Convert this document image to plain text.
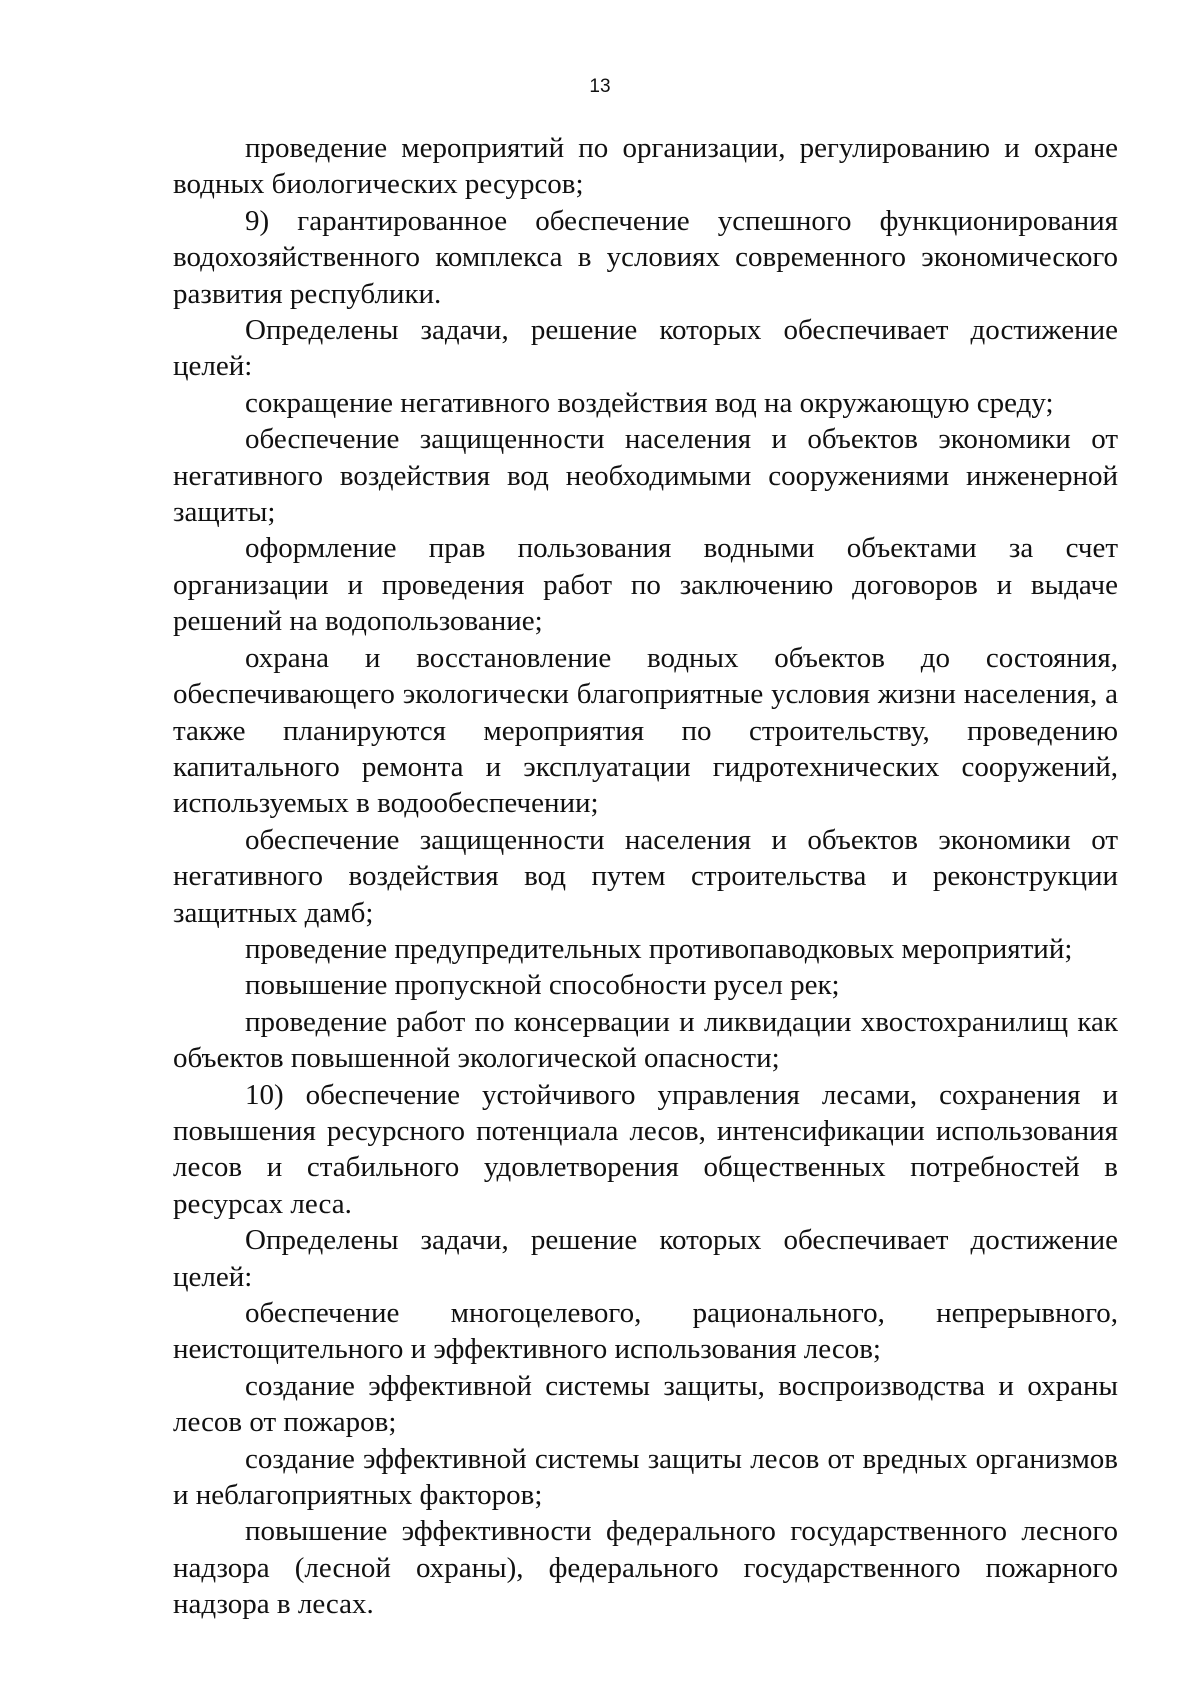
13

проведение мероприятий по организации, регулированию и охране водных биологических ресурсов;

9) гарантированное обеспечение успешного функционирования водохозяйственного комплекса в условиях современного экономического развития республики.

Определены задачи, решение которых обеспечивает достижение целей:

сокращение негативного воздействия вод на окружающую среду;

обеспечение защищенности населения и объектов экономики от негативного воздействия вод необходимыми сооружениями инженерной защиты;

оформление прав пользования водными объектами за счет организации и проведения работ по заключению договоров и выдаче решений на водопользование;

охрана и восстановление водных объектов до состояния, обеспечивающего экологически благоприятные условия жизни населения, а также планируются мероприятия по строительству, проведению капитального ремонта и эксплуатации гидротехнических сооружений, используемых в водообеспечении;

обеспечение защищенности населения и объектов экономики от негативного воздействия вод путем строительства и реконструкции защитных дамб;

проведение предупредительных противопаводковых мероприятий;

повышение пропускной способности русел рек;

проведение работ по консервации и ликвидации хвостохранилищ как объектов повышенной экологической опасности;

10) обеспечение устойчивого управления лесами, сохранения и повышения ресурсного потенциала лесов, интенсификации использования лесов и стабильного удовлетворения общественных потребностей в ресурсах леса.

Определены задачи, решение которых обеспечивает достижение целей:

обеспечение многоцелевого, рационального, непрерывного, неистощительного и эффективного использования лесов;

создание эффективной системы защиты, воспроизводства и охраны лесов от пожаров;

создание эффективной системы защиты лесов от вредных организмов и неблагоприятных факторов;

повышение эффективности федерального государственного лесного надзора (лесной охраны), федерального государственного пожарного надзора в лесах.
